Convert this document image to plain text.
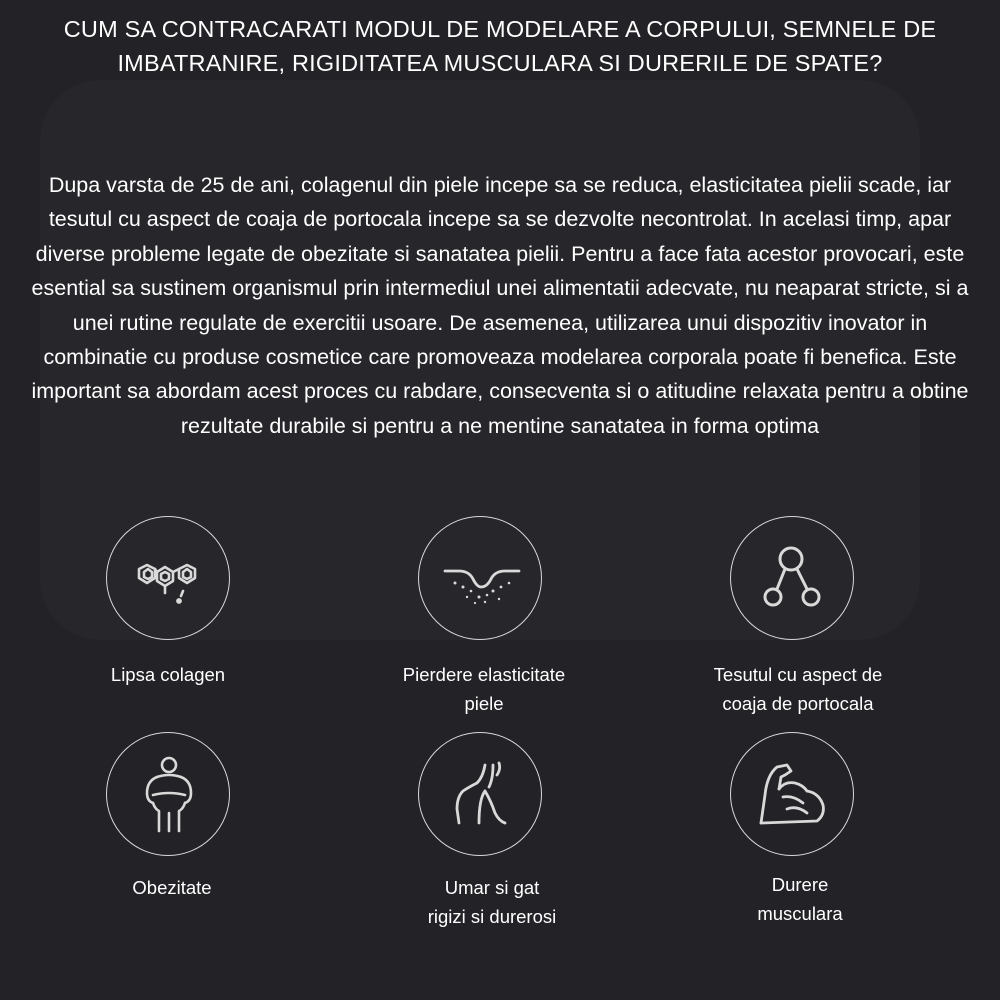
CUM SA CONTRACARATI MODUL DE MODELARE A CORPULUI, SEMNELE DE IMBATRANIRE, RIGIDITATEA MUSCULARA SI DURERILE DE SPATE?

Dupa varsta de 25 de ani, colagenul din piele incepe sa se reduca, elasticitatea pielii scade, iar tesutul cu aspect de coaja de portocala incepe sa se dezvolte necontrolat. In acelasi timp, apar diverse probleme legate de obezitate si sanatatea pielii. Pentru a face fata acestor provocari, este esential sa sustinem organismul prin intermediul unei alimentatii adecvate, nu neaparat stricte, si a unei rutine regulate de exercitii usoare. De asemenea, utilizarea unui dispozitiv inovator in combinatie cu produse cosmetice care promoveaza modelarea corporala poate fi benefica. Este important sa abordam acest proces cu rabdare, consecventa si o atitudine relaxata pentru a obtine rezultate durabile si pentru a ne mentine sanatatea in forma optima

Lipsa colagen	Pierdere elasticitate
piele
Tesutul cu aspect de
coaja de portocala
Obezitate	Umar si gat
rigizi si durerosi
Durere
musculara
